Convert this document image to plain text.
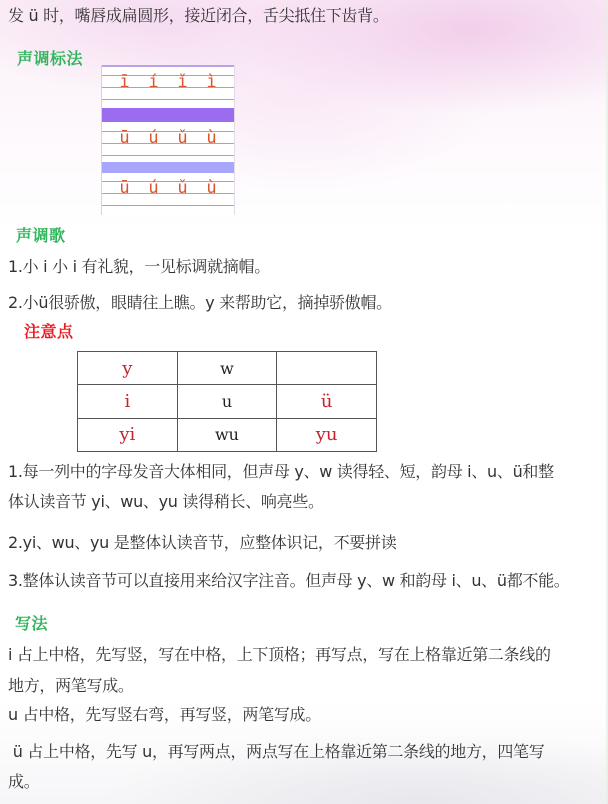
发 ü 时，嘴唇成扁圆形，接近闭合，舌尖抵住下齿背。
声调标法
ī	í	ǐ	ì
ū	ú	ǔ	ù
ū	ú	ǔ	ù
声调歌
1.小 i 小 i 有礼貌，一见标调就摘帽。
2.小ü很骄傲，眼睛往上瞧。y 来帮助它，摘掉骄傲帽。
注意点
y	w	
i	u	ü
yi	wu	yu
1.每一列中的字母发音大体相同，但声母 y、w 读得轻、短，韵母 i、u、ü和整
体认读音节 yi、wu、yu 读得稍长、响亮些。
2.yi、wu、yu 是整体认读音节，应整体识记，不要拼读
3.整体认读音节可以直接用来给汉字注音。但声母 y、w 和韵母 i、u、ü都不能。
写法
i 占上中格，先写竖，写在中格，上下顶格；再写点，写在上格靠近第二条线的
地方，两笔写成。
u 占中格，先写竖右弯，再写竖，两笔写成。
ü 占上中格，先写 u，再写两点，两点写在上格靠近第二条线的地方，四笔写
成。
